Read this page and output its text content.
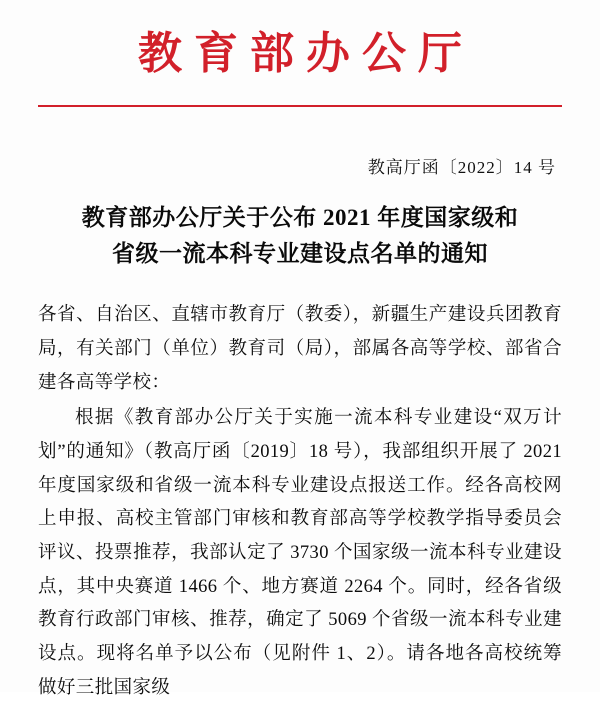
教育部办公厅
教高厅函〔2022〕14 号
教育部办公厅关于公布 2021 年度国家级和
省级一流本科专业建设点名单的通知

各省、自治区、直辖市教育厅（教委），新疆生产建设兵团教育局，有关部门（单位）教育司（局），部属各高等学校、部省合建各高等学校：

根据《教育部办公厅关于实施一流本科专业建设“双万计划”的通知》（教高厅函〔2019〕18 号），我部组织开展了 2021 年度国家级和省级一流本科专业建设点报送工作。经各高校网上申报、高校主管部门审核和教育部高等学校教学指导委员会评议、投票推荐，我部认定了 3730 个国家级一流本科专业建设点，其中央赛道 1466 个、地方赛道 2264 个。同时，经各省级教育行政部门审核、推荐，确定了 5069 个省级一流本科专业建设点。现将名单予以公布（见附件 1、2）。请各地各高校统筹做好三批国家级
